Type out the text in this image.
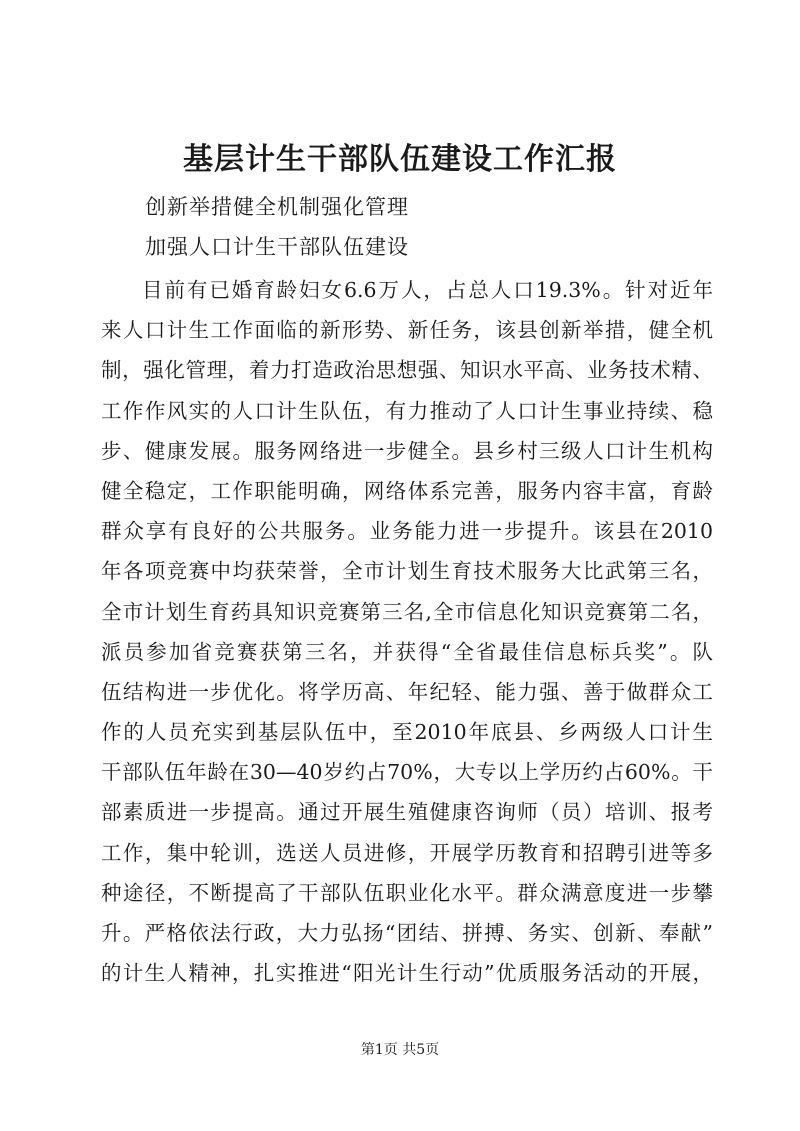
基层计生干部队伍建设工作汇报
创新举措健全机制强化管理
加强人口计生干部队伍建设
目前有已婚育龄妇女6.6万人，占总人口19.3%。针对近年
来人口计生工作面临的新形势、新任务，该县创新举措，健全机
制，强化管理，着力打造政治思想强、知识水平高、业务技术精、
工作作风实的人口计生队伍，有力推动了人口计生事业持续、稳
步、健康发展。服务网络进一步健全。县乡村三级人口计生机构
健全稳定，工作职能明确，网络体系完善，服务内容丰富，育龄
群众享有良好的公共服务。业务能力进一步提升。该县在2010
年各项竞赛中均获荣誉，全市计划生育技术服务大比武第三名，
全市计划生育药具知识竞赛第三名,全市信息化知识竞赛第二名，
派员参加省竞赛获第三名，并获得“全省最佳信息标兵奖”。队
伍结构进一步优化。将学历高、年纪轻、能力强、善于做群众工
作的人员充实到基层队伍中，至2010年底县、乡两级人口计生
干部队伍年龄在30—40岁约占70%，大专以上学历约占60%。干
部素质进一步提高。通过开展生殖健康咨询师（员）培训、报考
工作，集中轮训，选送人员进修，开展学历教育和招聘引进等多
种途径，不断提高了干部队伍职业化水平。群众满意度进一步攀
升。严格依法行政，大力弘扬“团结、拼搏、务实、创新、奉献”
的计生人精神，扎实推进“阳光计生行动”优质服务活动的开展，
第1页 共5页
